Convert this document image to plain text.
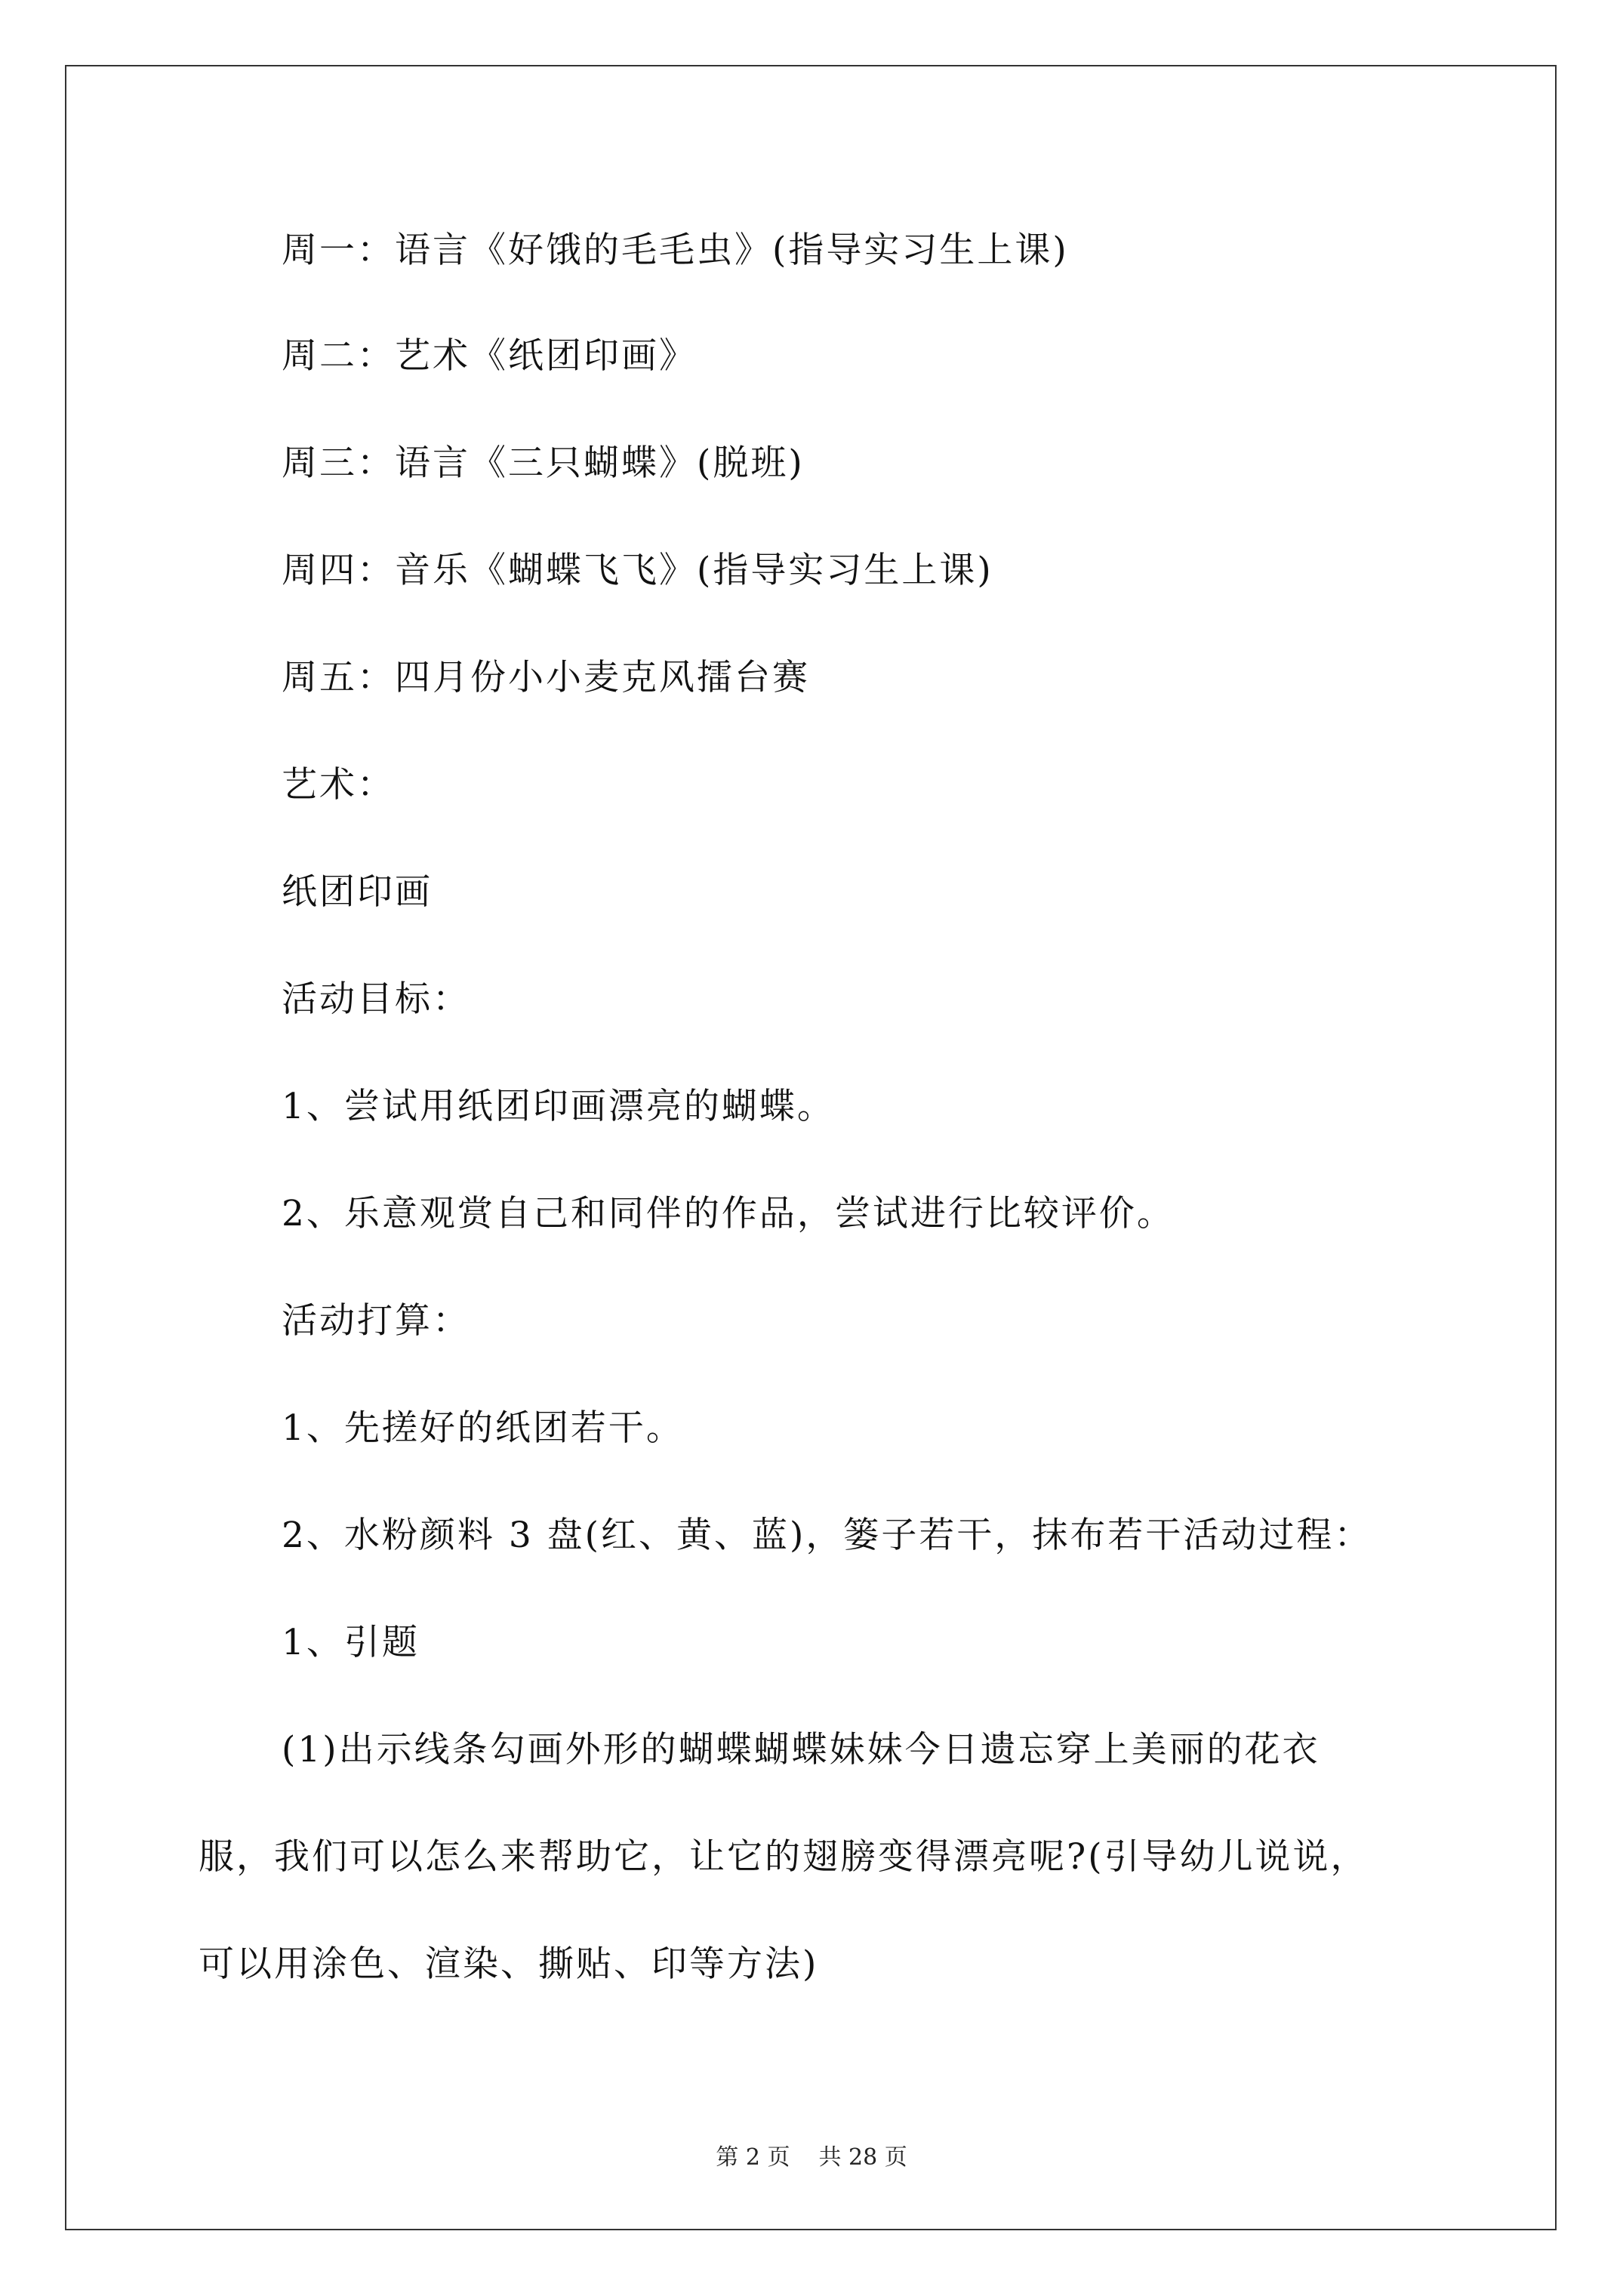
周一：语言《好饿的毛毛虫》(指导实习生上课)
周二：艺术《纸团印画》
周三：语言《三只蝴蝶》(脱班)
周四：音乐《蝴蝶飞飞》(指导实习生上课)
周五：四月份小小麦克风擂台赛
艺术：
纸团印画
活动目标：
1、尝试用纸团印画漂亮的蝴蝶。
2、乐意观赏自己和同伴的作品，尝试进行比较评价。
活动打算：
1、先搓好的纸团若干。
2、水粉颜料 3 盘(红、黄、蓝)，篓子若干，抹布若干活动过程：
1、引题
(1)出示线条勾画外形的蝴蝶蝴蝶妹妹今日遗忘穿上美丽的花衣
服，我们可以怎么来帮助它，让它的翅膀变得漂亮呢?(引导幼儿说说，
可以用涂色、渲染、撕贴、印等方法)
第 2 页 共 28 页
